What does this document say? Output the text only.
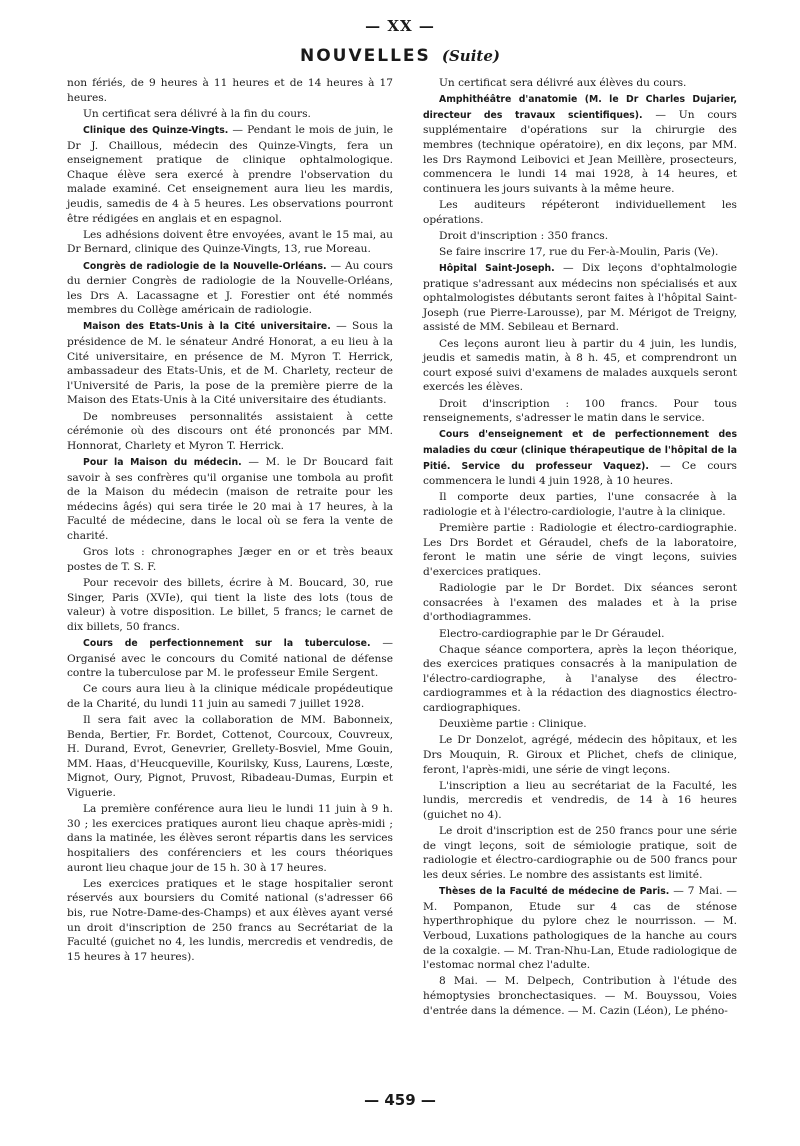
— XX —
NOUVELLES (Suite)

non fériés, de 9 heures à 11 heures et de 14 heures à 17 heures.

Un certificat sera délivré à la fin du cours.

Clinique des Quinze-Vingts. — Pendant le mois de juin, le Dr J. Chaillous, médecin des Quinze-Vingts, fera un enseignement pratique de clinique ophtalmologique. Chaque élève sera exercé à prendre l'observation du malade examiné. Cet enseignement aura lieu les mardis, jeudis, samedis de 4 à 5 heures. Les observations pourront être rédigées en anglais et en espagnol.

Les adhésions doivent être envoyées, avant le 15 mai, au Dr Bernard, clinique des Quinze-Vingts, 13, rue Moreau.

Congrès de radiologie de la Nouvelle-Orléans. — Au cours du dernier Congrès de radiologie de la Nouvelle-Orléans, les Drs A. Lacassagne et J. Forestier ont été nommés membres du Collège américain de radiologie.

Maison des Etats-Unis à la Cité universitaire. — Sous la présidence de M. le sénateur André Honorat, a eu lieu à la Cité universitaire, en présence de M. Myron T. Herrick, ambassadeur des Etats-Unis, et de M. Charlety, recteur de l'Université de Paris, la pose de la première pierre de la Maison des Etats-Unis à la Cité universitaire des étudiants.

De nombreuses personnalités assistaient à cette cérémonie où des discours ont été prononcés par MM. Honnorat, Charlety et Myron T. Herrick.

Pour la Maison du médecin. — M. le Dr Boucard fait savoir à ses confrères qu'il organise une tombola au profit de la Maison du médecin (maison de retraite pour les médecins âgés) qui sera tirée le 20 mai à 17 heures, à la Faculté de médecine, dans le local où se fera la vente de charité.

Gros lots : chronographes Jæger en or et très beaux postes de T. S. F.

Pour recevoir des billets, écrire à M. Boucard, 30, rue Singer, Paris (XVIe), qui tient la liste des lots (tous de valeur) à votre disposition. Le billet, 5 francs; le carnet de dix billets, 50 francs.

Cours de perfectionnement sur la tuberculose. — Organisé avec le concours du Comité national de défense contre la tuberculose par M. le professeur Emile Sergent.

Ce cours aura lieu à la clinique médicale propédeutique de la Charité, du lundi 11 juin au samedi 7 juillet 1928.

Il sera fait avec la collaboration de MM. Babonneix, Benda, Bertier, Fr. Bordet, Cottenot, Courcoux, Couvreux, H. Durand, Evrot, Genevrier, Grellety-Bosviel, Mme Gouin, MM. Haas, d'Heucqueville, Kourilsky, Kuss, Laurens, Lœste, Mignot, Oury, Pignot, Pruvost, Ribadeau-Dumas, Eurpin et Viguerie.

La première conférence aura lieu le lundi 11 juin à 9 h. 30 ; les exercices pratiques auront lieu chaque après-midi ; dans la matinée, les élèves seront répartis dans les services hospitaliers des conférenciers et les cours théoriques auront lieu chaque jour de 15 h. 30 à 17 heures.

Les exercices pratiques et le stage hospitalier seront réservés aux boursiers du Comité national (s'adresser 66 bis, rue Notre-Dame-des-Champs) et aux élèves ayant versé un droit d'inscription de 250 francs au Secrétariat de la Faculté (guichet no 4, les lundis, mercredis et vendredis, de 15 heures à 17 heures).

Un certificat sera délivré aux élèves du cours.

Amphithéâtre d'anatomie (M. le Dr Charles Dujarier, directeur des travaux scientifiques). — Un cours supplémentaire d'opérations sur la chirurgie des membres (technique opératoire), en dix leçons, par MM. les Drs Raymond Leibovici et Jean Meillère, prosecteurs, commencera le lundi 14 mai 1928, à 14 heures, et continuera les jours suivants à la même heure.

Les auditeurs répéteront individuellement les opérations.

Droit d'inscription : 350 francs.

Se faire inscrire 17, rue du Fer-à-Moulin, Paris (Ve).

Hôpital Saint-Joseph. — Dix leçons d'ophtalmologie pratique s'adressant aux médecins non spécialisés et aux ophtalmologistes débutants seront faites à l'hôpital Saint-Joseph (rue Pierre-Larousse), par M. Mérigot de Treigny, assisté de MM. Sebileau et Bernard.

Ces leçons auront lieu à partir du 4 juin, les lundis, jeudis et samedis matin, à 8 h. 45, et comprendront un court exposé suivi d'examens de malades auxquels seront exercés les élèves.

Droit d'inscription : 100 francs. Pour tous renseignements, s'adresser le matin dans le service.

Cours d'enseignement et de perfectionnement des maladies du cœur (clinique thérapeutique de l'hôpital de la Pitié. Service du professeur Vaquez). — Ce cours commencera le lundi 4 juin 1928, à 10 heures.

Il comporte deux parties, l'une consacrée à la radiologie et à l'électro-cardiologie, l'autre à la clinique.

Première partie : Radiologie et électro-cardiographie. Les Drs Bordet et Géraudel, chefs de la laboratoire, feront le matin une série de vingt leçons, suivies d'exercices pratiques.

Radiologie par le Dr Bordet. Dix séances seront consacrées à l'examen des malades et à la prise d'orthodiagrammes.

Electro-cardiographie par le Dr Géraudel.

Chaque séance comportera, après la leçon théorique, des exercices pratiques consacrés à la manipulation de l'électro-cardiographe, à l'analyse des électro-cardiogrammes et à la rédaction des diagnostics électro-cardiographiques.

Deuxième partie : Clinique.

Le Dr Donzelot, agrégé, médecin des hôpitaux, et les Drs Mouquin, R. Giroux et Plichet, chefs de clinique, feront, l'après-midi, une série de vingt leçons.

L'inscription a lieu au secrétariat de la Faculté, les lundis, mercredis et vendredis, de 14 à 16 heures (guichet no 4).

Le droit d'inscription est de 250 francs pour une série de vingt leçons, soit de sémiologie pratique, soit de radiologie et électro-cardiographie ou de 500 francs pour les deux séries. Le nombre des assistants est limité.

Thèses de la Faculté de médecine de Paris. — 7 Mai. — M. Pompanon, Etude sur 4 cas de sténose hyperthrophique du pylore chez le nourrisson. — M. Verboud, Luxations pathologiques de la hanche au cours de la coxalgie. — M. Tran-Nhu-Lan, Etude radiologique de l'estomac normal chez l'adulte.

8 Mai. — M. Delpech, Contribution à l'étude des hémoptysies bronchectasiques. — M. Bouyssou, Voies d'entrée dans la démence. — M. Cazin (Léon), Le phéno-

— 459 —
